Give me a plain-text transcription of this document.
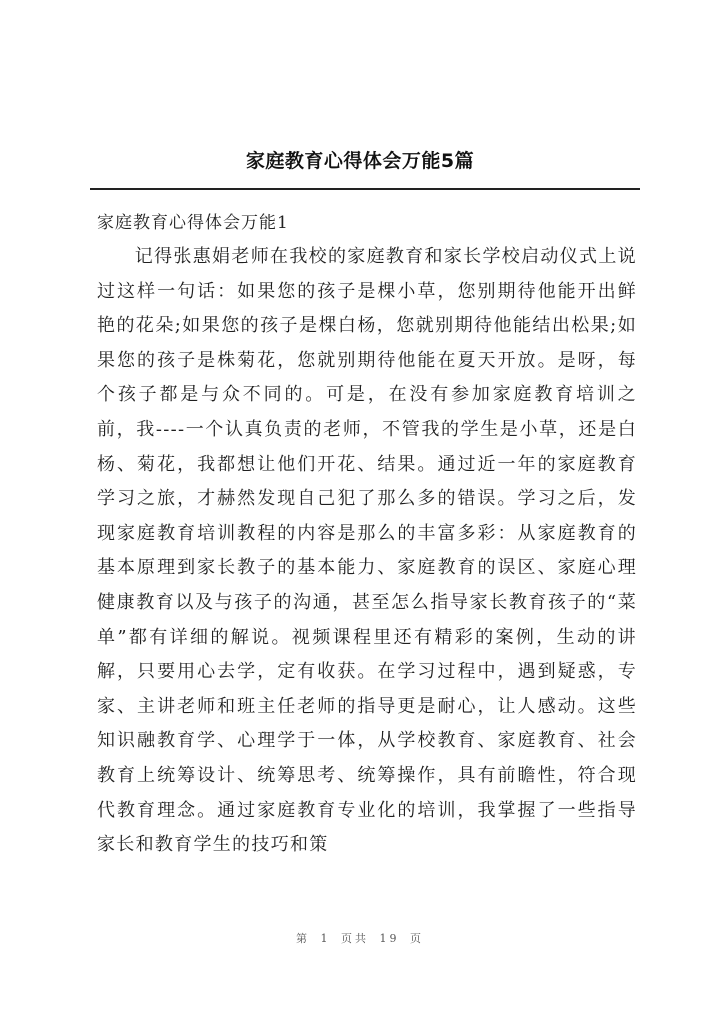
家庭教育心得体会万能5篇
家庭教育心得体会万能1

记得张惠娟老师在我校的家庭教育和家长学校启动仪式上说过这样一句话：如果您的孩子是棵小草，您别期待他能开出鲜艳的花朵;如果您的孩子是棵白杨，您就别期待他能结出松果;如果您的孩子是株菊花，您就别期待他能在夏天开放。是呀，每个孩子都是与众不同的。可是，在没有参加家庭教育培训之前，我----一个认真负责的老师，不管我的学生是小草，还是白杨、菊花，我都想让他们开花、结果。通过近一年的家庭教育学习之旅，才赫然发现自己犯了那么多的错误。学习之后，发现家庭教育培训教程的内容是那么的丰富多彩：从家庭教育的基本原理到家长教子的基本能力、家庭教育的误区、家庭心理健康教育以及与孩子的沟通，甚至怎么指导家长教育孩子的“菜单”都有详细的解说。视频课程里还有精彩的案例，生动的讲解，只要用心去学，定有收获。在学习过程中，遇到疑惑，专家、主讲老师和班主任老师的指导更是耐心，让人感动。这些知识融教育学、心理学于一体，从学校教育、家庭教育、社会教育上统筹设计、统筹思考、统筹操作，具有前瞻性，符合现代教育理念。通过家庭教育专业化的培训，我掌握了一些指导家长和教育学生的技巧和策

第 1 页共 19 页
